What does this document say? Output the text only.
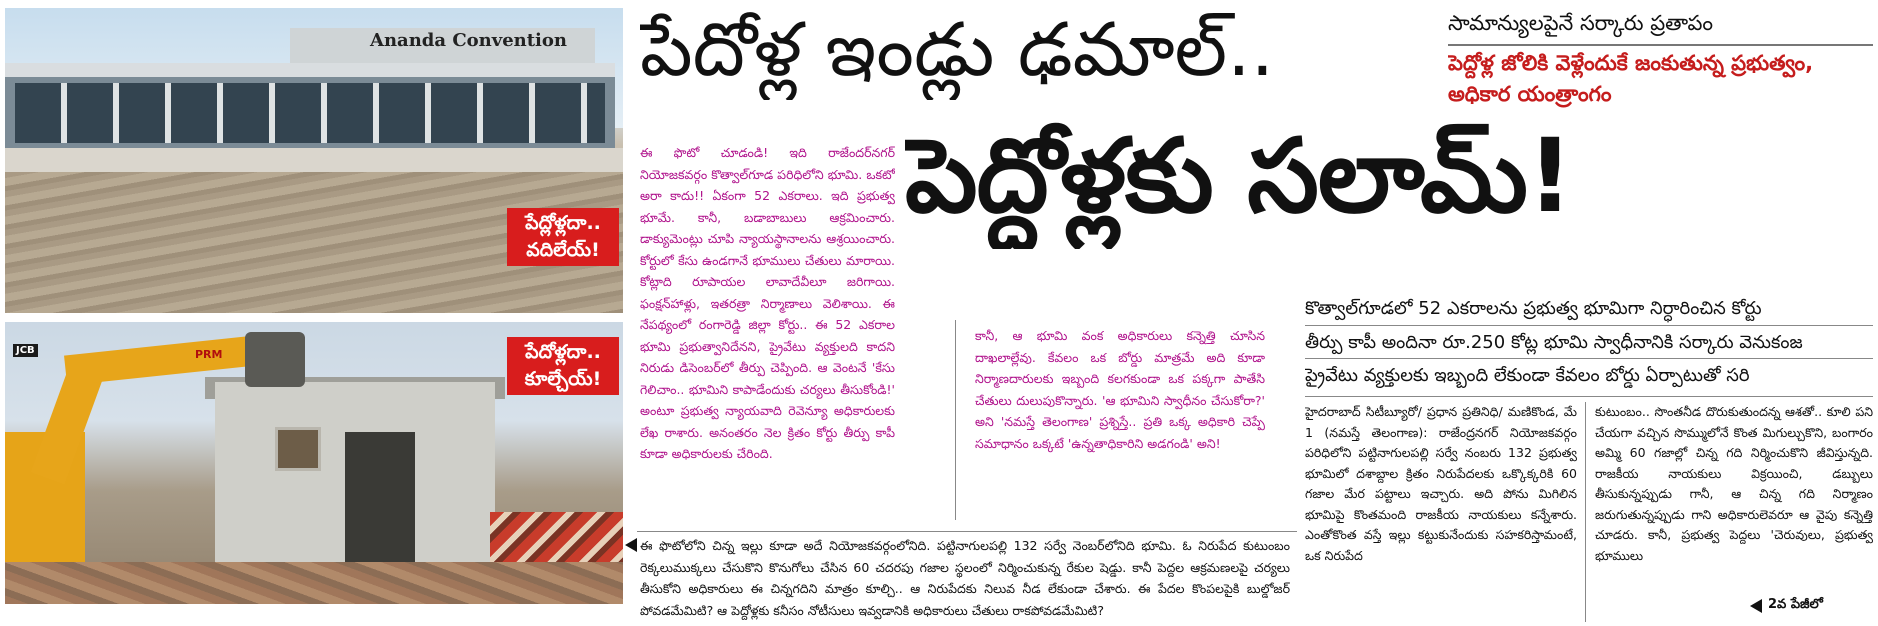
Ananda Convention
పేద్లోళ్లదా.. వదిలేయ్!
JCB	PRM	పేదోళ్లదా.. కూల్చేయ్!
పేదోళ్ల ఇండ్లు ఢమాల్..
పెద్దోళ్లకు సలామ్!
సామాన్యులపైనే సర్కారు ప్రతాపం
పెద్దోళ్ల జోలికి వెళ్లేందుకే జంకుతున్న ప్రభుత్వం, అధికార యంత్రాంగం
ఈ ఫొటో చూడండి! ఇది రాజేందర్‌నగర్ నియోజకవర్గం కొత్వాల్‌గూడ పరిధిలోని భూమి. ఒకటో అరా కాదు!! ఏకంగా 52 ఎకరాలు. ఇది ప్రభుత్వ భూమే. కానీ, బడాబాబులు ఆక్రమించారు. డాక్యుమెంట్లు చూపి న్యాయస్థానాలను ఆశ్రయించారు. కోర్టులో కేసు ఉండగానే భూములు చేతులు మారాయి. కోట్లాది రూపాయల లావాదేవీలూ జరిగాయి. ఫంక్షన్‌హాళ్లు, ఇతరత్రా నిర్మాణాలు వెలిశాయి. ఈ నేపథ్యంలో రంగారెడ్డి జిల్లా కోర్టు.. ఈ 52 ఎకరాల భూమి ప్రభుత్వానిదేనని, ప్రైవేటు వ్యక్తులది కాదని నిరుడు డిసెంబర్‌లో తీర్పు చెప్పింది. ఆ వెంటనే 'కేసు గెలిచాం.. భూమిని కాపాడేందుకు చర్యలు తీసుకోండి!' అంటూ ప్రభుత్వ న్యాయవాది రెవెన్యూ అధికారులకు లేఖ రాశారు. అనంతరం నెల క్రితం కోర్టు తీర్పు కాపీ కూడా అధికారులకు చేరింది.
కానీ, ఆ భూమి వంక అధికారులు కన్నెత్తి చూసిన దాఖలాల్లేవు. కేవలం ఒక బోర్డు మాత్రమే అది కూడా నిర్మాణదారులకు ఇబ్బంది కలగకుండా ఒక పక్కగా పాతేసి చేతులు దులుపుకొన్నారు. 'ఆ భూమిని స్వాధీనం చేసుకోరా?' అని 'నమస్తే తెలంగాణ' ప్రశ్నిస్తే.. ప్రతి ఒక్క అధికారి చెప్పే సమాధానం ఒక్కటే 'ఉన్నతాధికారిని అడగండి' అని!
కొత్వాల్‌గూడలో 52 ఎకరాలను ప్రభుత్వ భూమిగా నిర్ధారించిన కోర్టు
తీర్పు కాపీ అందినా రూ.250 కోట్ల భూమి స్వాధీనానికి సర్కారు వెనుకంజ
ప్రైవేటు వ్యక్తులకు ఇబ్బంది లేకుండా కేవలం బోర్డు ఏర్పాటుతో సరి
హైదరాబాద్ సిటీబ్యూరో/ ప్రధాన ప్రతినిధి/ మణికొండ, మే 1 (నమస్తే తెలంగాణ): రాజేంద్రనగర్ నియోజకవర్గం పరిధిలోని పట్టినాగులపల్లి సర్వే నంబరు 132 ప్రభుత్వ భూమిలో దశాబ్దాల క్రితం నిరుపేదలకు ఒక్కొక్కరికి 60 గజాల మేర పట్టాలు ఇచ్చారు. అది పోను మిగిలిన భూమిపై కొంతమంది రాజకీయ నాయకులు కన్నేశారు. ఎంతోకొంత వస్తే ఇల్లు కట్టుకునేందుకు సహకరిస్తామంటే, ఒక నిరుపేద
కుటుంబం.. సొంతనీడ దొరుకుతుందన్న ఆశతో.. కూలి పని చేయగా వచ్చిన సొమ్ములోనే కొంత మిగుల్చుకొని, బంగారం అమ్మి 60 గజాల్లో చిన్న గది నిర్మించుకొని జీవిస్తున్నది. రాజకీయ నాయకులు విక్రయించి, డబ్బులు తీసుకున్నప్పుడు గానీ, ఆ చిన్న గది నిర్మాణం జరుగుతున్నప్పుడు గాని అధికారులెవరూ ఆ వైపు కన్నెత్తి చూడరు. కానీ, ప్రభుత్వ పెద్దలు 'చెరువులు, ప్రభుత్వ భూములు
2వ పేజీలో
ఈ ఫొటోలోని చిన్న ఇల్లు కూడా అదే నియోజకవర్గంలోనిది. పట్టినాగులపల్లి 132 సర్వే నెంబర్‌లోనిది భూమి. ఓ నిరుపేద కుటుంబం రెక్కలుముక్కలు చేసుకొని కొనుగోలు చేసిన 60 చదరపు గజాల స్థలంలో నిర్మించుకున్న రేకుల షెడ్డు. కానీ పెద్దల ఆక్రమణలపై చర్యలు తీసుకోని అధికారులు ఈ చిన్నగదిని మాత్రం కూల్చి.. ఆ నిరుపేదకు నిలువ నీడ లేకుండా చేశారు. ఈ పేదల కొంపలపైకి బుల్డోజర్ పోవడమేమిటి? ఆ పెద్దోళ్లకు కనీసం నోటీసులు ఇవ్వడానికి అధికారులు చేతులు రాకపోవడమేమిటి?
